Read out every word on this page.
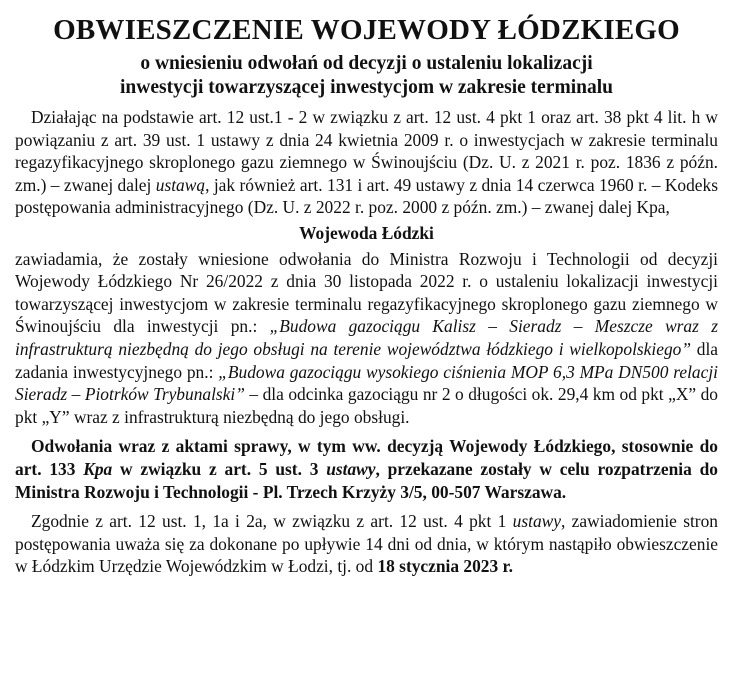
OBWIESZCZENIE WOJEWODY ŁÓDZKIEGO
o wniesieniu odwołań od decyzji o ustaleniu lokalizacji
inwestycji towarzyszącej inwestycjom w zakresie terminalu

Działając na podstawie art. 12 ust.1 - 2 w związku z art. 12 ust. 4 pkt 1 oraz art. 38 pkt 4 lit. h w powiązaniu z art. 39 ust. 1 ustawy z dnia 24 kwietnia 2009 r. o inwestycjach w zakresie terminalu regazyfikacyjnego skroplonego gazu ziemnego w Świnoujściu (Dz. U. z 2021 r. poz. 1836 z późn. zm.) – zwanej dalej ustawą, jak również art. 131 i art. 49 ustawy z dnia 14 czerwca 1960 r. – Kodeks postępowania administracyjnego (Dz. U. z 2022 r. poz. 2000 z późn. zm.) – zwanej dalej Kpa,

Wojewoda Łódzki

zawiadamia, że zostały wniesione odwołania do Ministra Rozwoju i Technologii od decyzji Wojewody Łódzkiego Nr 26/2022 z dnia 30 listopada 2022 r. o ustaleniu lokalizacji inwestycji towarzyszącej inwestycjom w zakresie terminalu regazyfikacyjnego skroplonego gazu ziemnego w Świnoujściu dla inwestycji pn.: „Budowa gazociągu Kalisz – Sieradz – Meszcze wraz z infrastrukturą niezbędną do jego obsługi na terenie województwa łódzkiego i wielkopolskiego” dla zadania inwestycyjnego pn.: „Budowa gazociągu wysokiego ciśnienia MOP 6,3 MPa DN500 relacji Sieradz – Piotrków Trybunalski” – dla odcinka gazociągu nr 2 o długości ok. 29,4 km od pkt „X” do pkt „Y” wraz z infrastrukturą niezbędną do jego obsługi.

Odwołania wraz z aktami sprawy, w tym ww. decyzją Wojewody Łódzkiego, stosownie do art. 133 Kpa w związku z art. 5 ust. 3 ustawy, przekazane zostały w celu rozpatrzenia do Ministra Rozwoju i Technologii - Pl. Trzech Krzyży 3/5, 00-507 Warszawa.

Zgodnie z art. 12 ust. 1, 1a i 2a, w związku z art. 12 ust. 4 pkt 1 ustawy, zawiadomienie stron postępowania uważa się za dokonane po upływie 14 dni od dnia, w którym nastąpiło obwieszczenie w Łódzkim Urzędzie Wojewódzkim w Łodzi, tj. od 18 stycznia 2023 r.
